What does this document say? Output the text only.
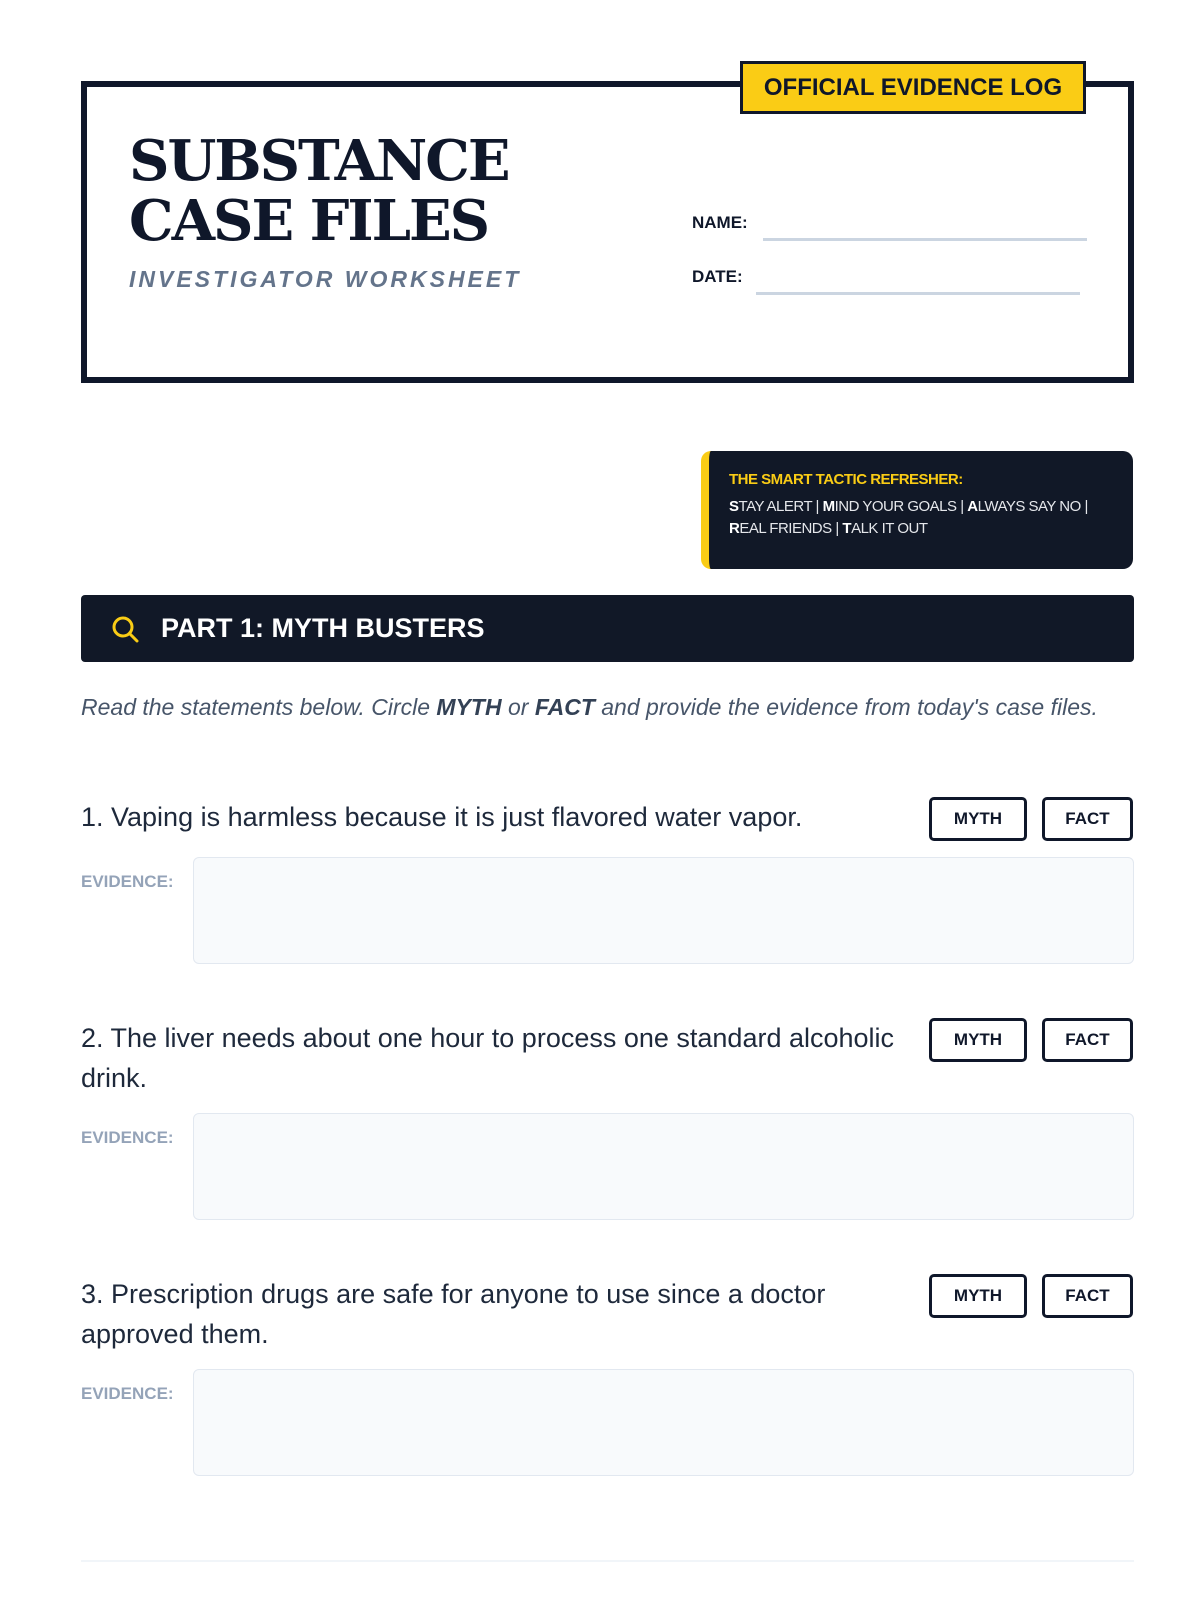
OFFICIAL EVIDENCE LOG
SUBSTANCE CASE FILES
INVESTIGATOR WORKSHEET
NAME:
DATE:
THE SMART TACTIC REFRESHER:
STAY ALERT | MIND YOUR GOALS | ALWAYS SAY NO |
REAL FRIENDS | TALK IT OUT
PART 1: MYTH BUSTERS
Read the statements below. Circle MYTH or FACT and provide the evidence from today's case files.
1. Vaping is harmless because it is just flavored water vapor.	MYTH	FACT
EVIDENCE:
2. The liver needs about one hour to process one standard alcoholic drink.
MYTH	FACT
EVIDENCE:
3. Prescription drugs are safe for anyone to use since a doctor approved them.
MYTH	FACT
EVIDENCE:
